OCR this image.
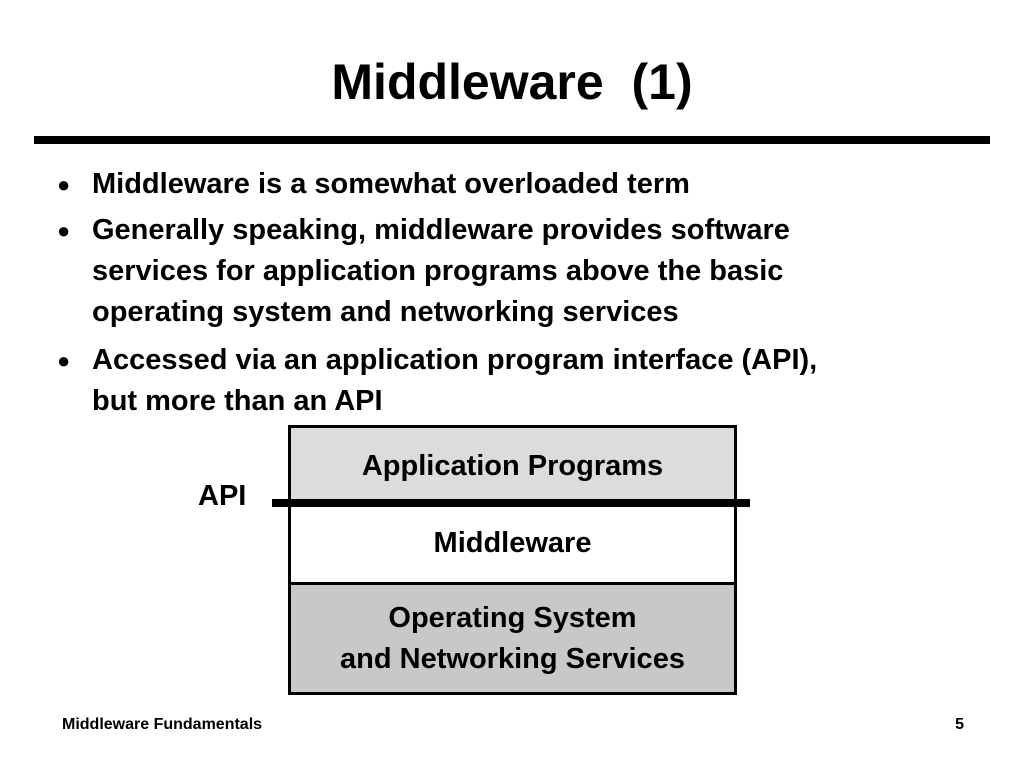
Middleware  (1)
● Middleware is a somewhat overloaded term
● Generally speaking, middleware provides software
services for application programs above the basic
operating system and networking services
● Accessed via an application program interface (API),
but more than an API
Application Programs
Middleware
Operating System
and Networking Services
API
Middleware Fundamentals	5
